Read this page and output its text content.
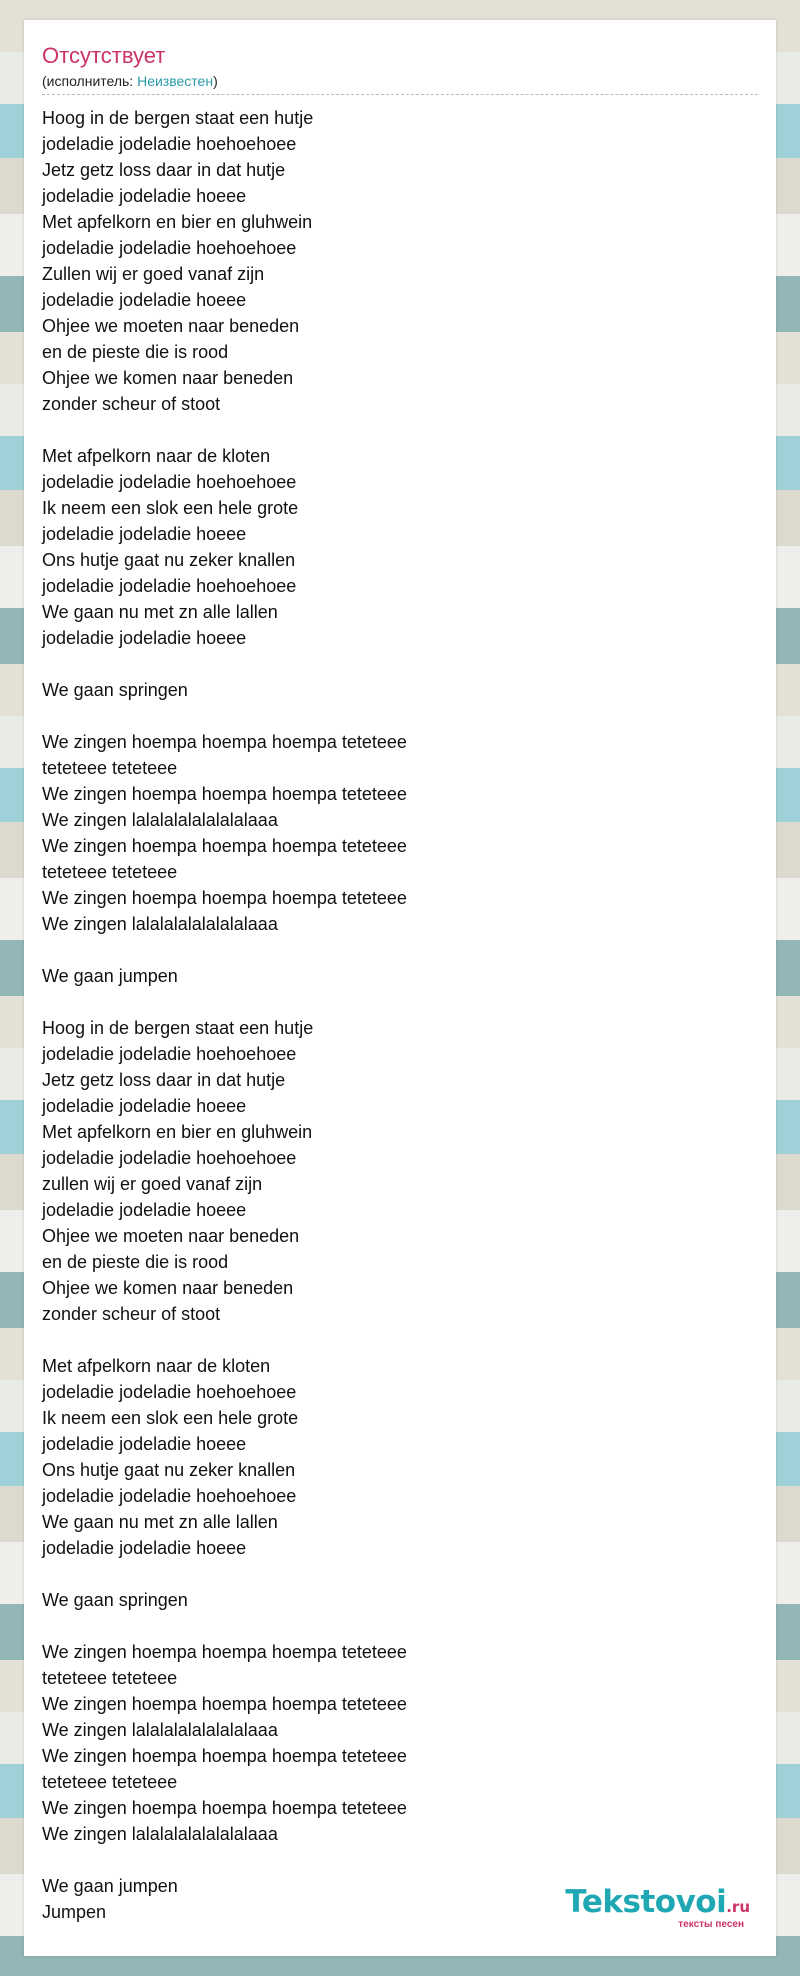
Отсутствует
(исполнитель: Неизвестен)
Hoog in de bergen staat een hutje
jodeladie jodeladie hoehoehoee
Jetz getz loss daar in dat hutje
jodeladie jodeladie hoeee
Met apfelkorn en bier en gluhwein
jodeladie jodeladie hoehoehoee
Zullen wij er goed vanaf zijn
jodeladie jodeladie hoeee
Ohjee we moeten naar beneden
en de pieste die is rood
Ohjee we komen naar beneden
zonder scheur of stoot
Met afpelkorn naar de kloten
jodeladie jodeladie hoehoehoee
Ik neem een slok een hele grote
jodeladie jodeladie hoeee
Ons hutje gaat nu zeker knallen
jodeladie jodeladie hoehoehoee
We gaan nu met zn alle lallen
jodeladie jodeladie hoeee
We gaan springen
We zingen hoempa hoempa hoempa tetetеее
tetetеее tetetеее
We zingen hoempa hoempa hoempa tetetеее
We zingen lalalalalalalalalaaa
We zingen hoempa hoempa hoempa tetetеее
tetetеее tetetеее
We zingen hoempa hoempa hoempa tetetеее
We zingen lalalalalalalalalaaa
We gaan jumpen
Hoog in de bergen staat een hutje
jodeladie jodeladie hoehoehoee
Jetz getz loss daar in dat hutje
jodeladie jodeladie hoeee
Met apfelkorn en bier en gluhwein
jodeladie jodeladie hoehoehoee
zullen wij er goed vanaf zijn
jodeladie jodeladie hoeee
Ohjee we moeten naar beneden
en de pieste die is rood
Ohjee we komen naar beneden
zonder scheur of stoot
Met afpelkorn naar de kloten
jodeladie jodeladie hoehoehoee
Ik neem een slok een hele grote
jodeladie jodeladie hoeee
Ons hutje gaat nu zeker knallen
jodeladie jodeladie hoehoehoee
We gaan nu met zn alle lallen
jodeladie jodeladie hoeee
We gaan springen
We zingen hoempa hoempa hoempa tetetеее
tetetеее tetetеее
We zingen hoempa hoempa hoempa tetetеее
We zingen lalalalalalalalalaaa
We zingen hoempa hoempa hoempa tetetеее
tetetеее tetetеее
We zingen hoempa hoempa hoempa tetetеее
We zingen lalalalalalalalalaaa
We gaan jumpen
Jumpen	Tekstovoi.ru
тексты песен
